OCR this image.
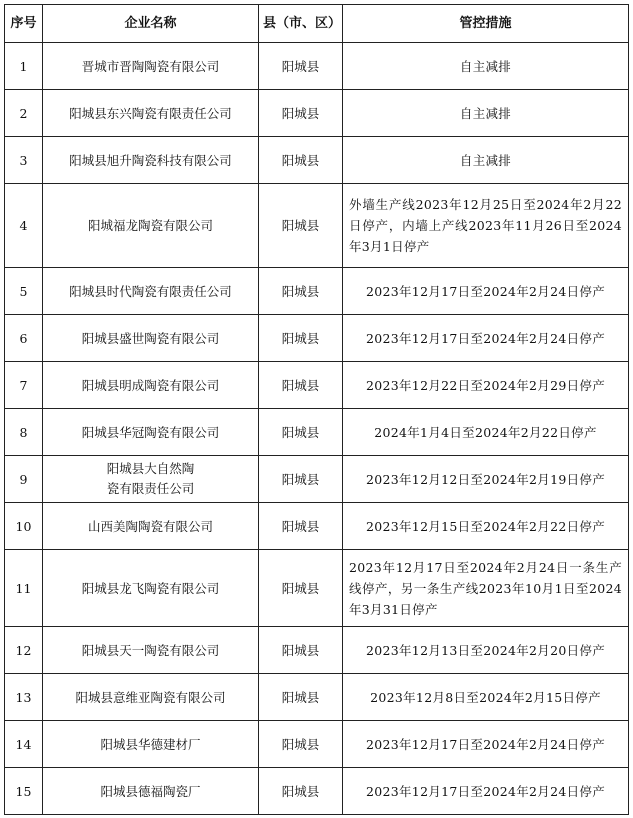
序号	企业名称	县（市、区）	管控措施
1	晋城市晋陶陶瓷有限公司	阳城县	自主减排
2	阳城县东兴陶瓷有限责任公司	阳城县	自主减排
3	阳城县旭升陶瓷科技有限公司	阳城县	自主减排
4	阳城福龙陶瓷有限公司	阳城县	外墙生产线2023年12月25日至2024年2月22日停产，内墙上产线2023年11月26日至2024年3月1日停产
5	阳城县时代陶瓷有限责任公司	阳城县	2023年12月17日至2024年2月24日停产
6	阳城县盛世陶瓷有限公司	阳城县	2023年12月17日至2024年2月24日停产
7	阳城县明成陶瓷有限公司	阳城县	2023年12月22日至2024年2月29日停产
8	阳城县华冠陶瓷有限公司	阳城县	2024年1月4日至2024年2月22日停产
9	阳城县大自然陶瓷有限责任公司	阳城县	2023年12月12日至2024年2月19日停产
10	山西美陶陶瓷有限公司	阳城县	2023年12月15日至2024年2月22日停产
11	阳城县龙飞陶瓷有限公司	阳城县	2023年12月17日至2024年2月24日一条生产线停产，另一条生产线2023年10月1日至2024年3月31日停产
12	阳城县天一陶瓷有限公司	阳城县	2023年12月13日至2024年2月20日停产
13	阳城县意维亚陶瓷有限公司	阳城县	2023年12月8日至2024年2月15日停产
14	阳城县华德建材厂	阳城县	2023年12月17日至2024年2月24日停产
15	阳城县德福陶瓷厂	阳城县	2023年12月17日至2024年2月24日停产
